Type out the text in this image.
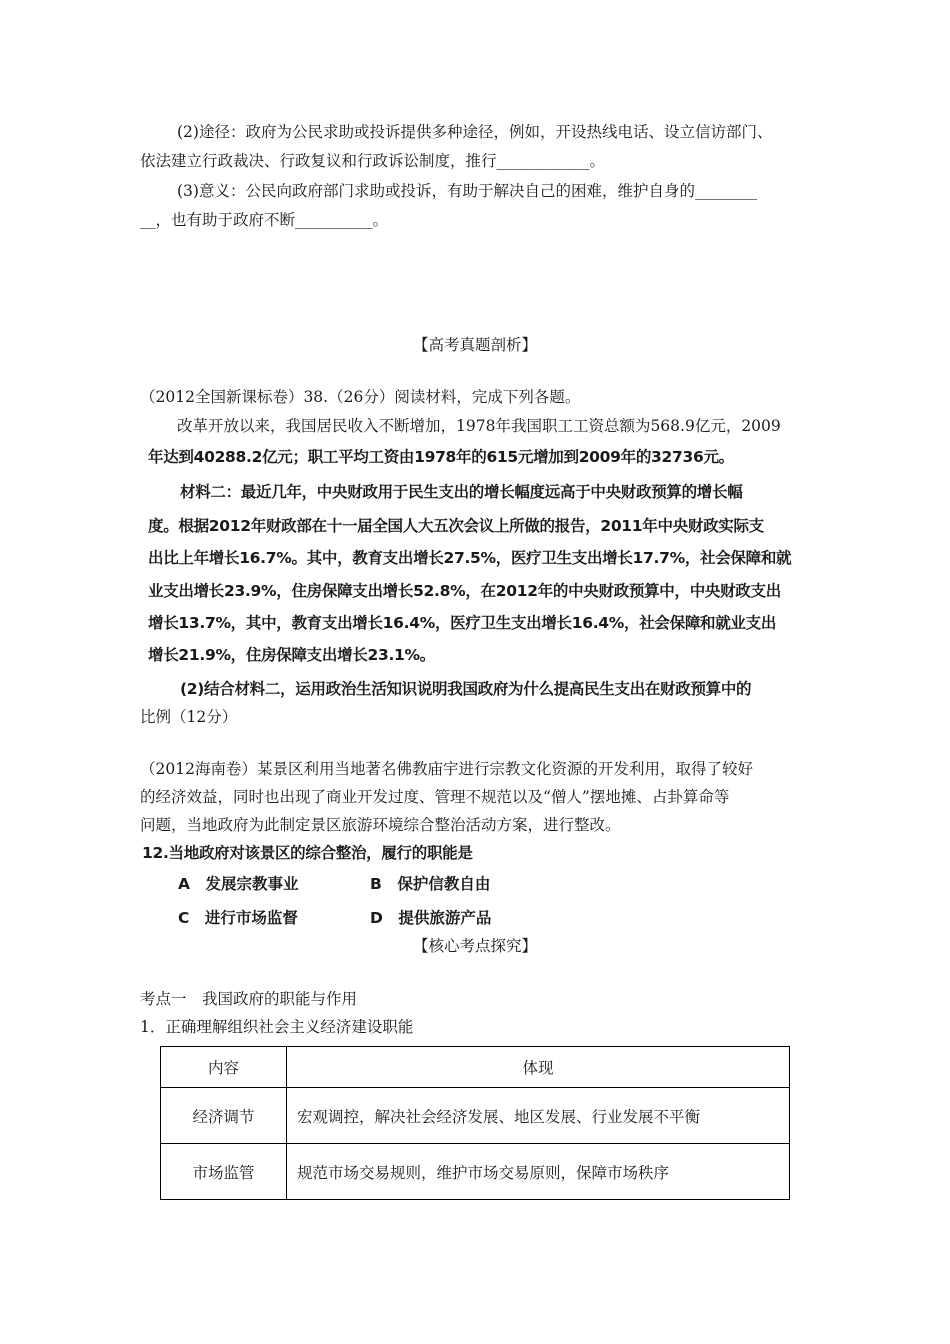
(2)途径：政府为公民求助或投诉提供多种途径，例如，开设热线电话、设立信访部门、
依法建立行政裁决、行政复议和行政诉讼制度，推行____________。
(3)意义：公民向政府部门求助或投诉，有助于解决自己的困难，维护自身的________
__，也有助于政府不断__________。
【高考真题剖析】
（2012全国新课标卷）38.（26分）阅读材料，完成下列各题。
改革开放以来，我国居民收入不断增加，1978年我国职工工资总额为568.9亿元，2009
年达到40288.2亿元；职工平均工资由1978年的615元增加到2009年的32736元。
材料二：最近几年，中央财政用于民生支出的增长幅度远高于中央财政预算的增长幅
度。根据2012年财政部在十一届全国人大五次会议上所做的报告，2011年中央财政实际支
出比上年增长16.7%。其中，教育支出增长27.5%，医疗卫生支出增长17.7%，社会保障和就
业支出增长23.9%，住房保障支出增长52.8%，在2012年的中央财政预算中，中央财政支出
增长13.7%，其中，教育支出增长16.4%，医疗卫生支出增长16.4%，社会保障和就业支出
增长21.9%，住房保障支出增长23.1%。
(2)结合材料二，运用政治生活知识说明我国政府为什么提高民生支出在财政预算中的
比例（12分）
（2012海南卷）某景区利用当地著名佛教庙宇进行宗教文化资源的开发利用，取得了较好
的经济效益，同时也出现了商业开发过度、管理不规范以及“僧人”摆地摊、占卦算命等
问题，当地政府为此制定景区旅游环境综合整治活动方案，进行整改。
12.当地政府对该景区的综合整治，履行的职能是
A　发展宗教事业	B　保护信教自由
C　进行市场监督	D　提供旅游产品
【核心考点探究】
考点一　我国政府的职能与作用
1．正确理解组织社会主义经济建设职能
内容	体现
经济调节	宏观调控，解决社会经济发展、地区发展、行业发展不平衡
市场监管	规范市场交易规则，维护市场交易原则，保障市场秩序
